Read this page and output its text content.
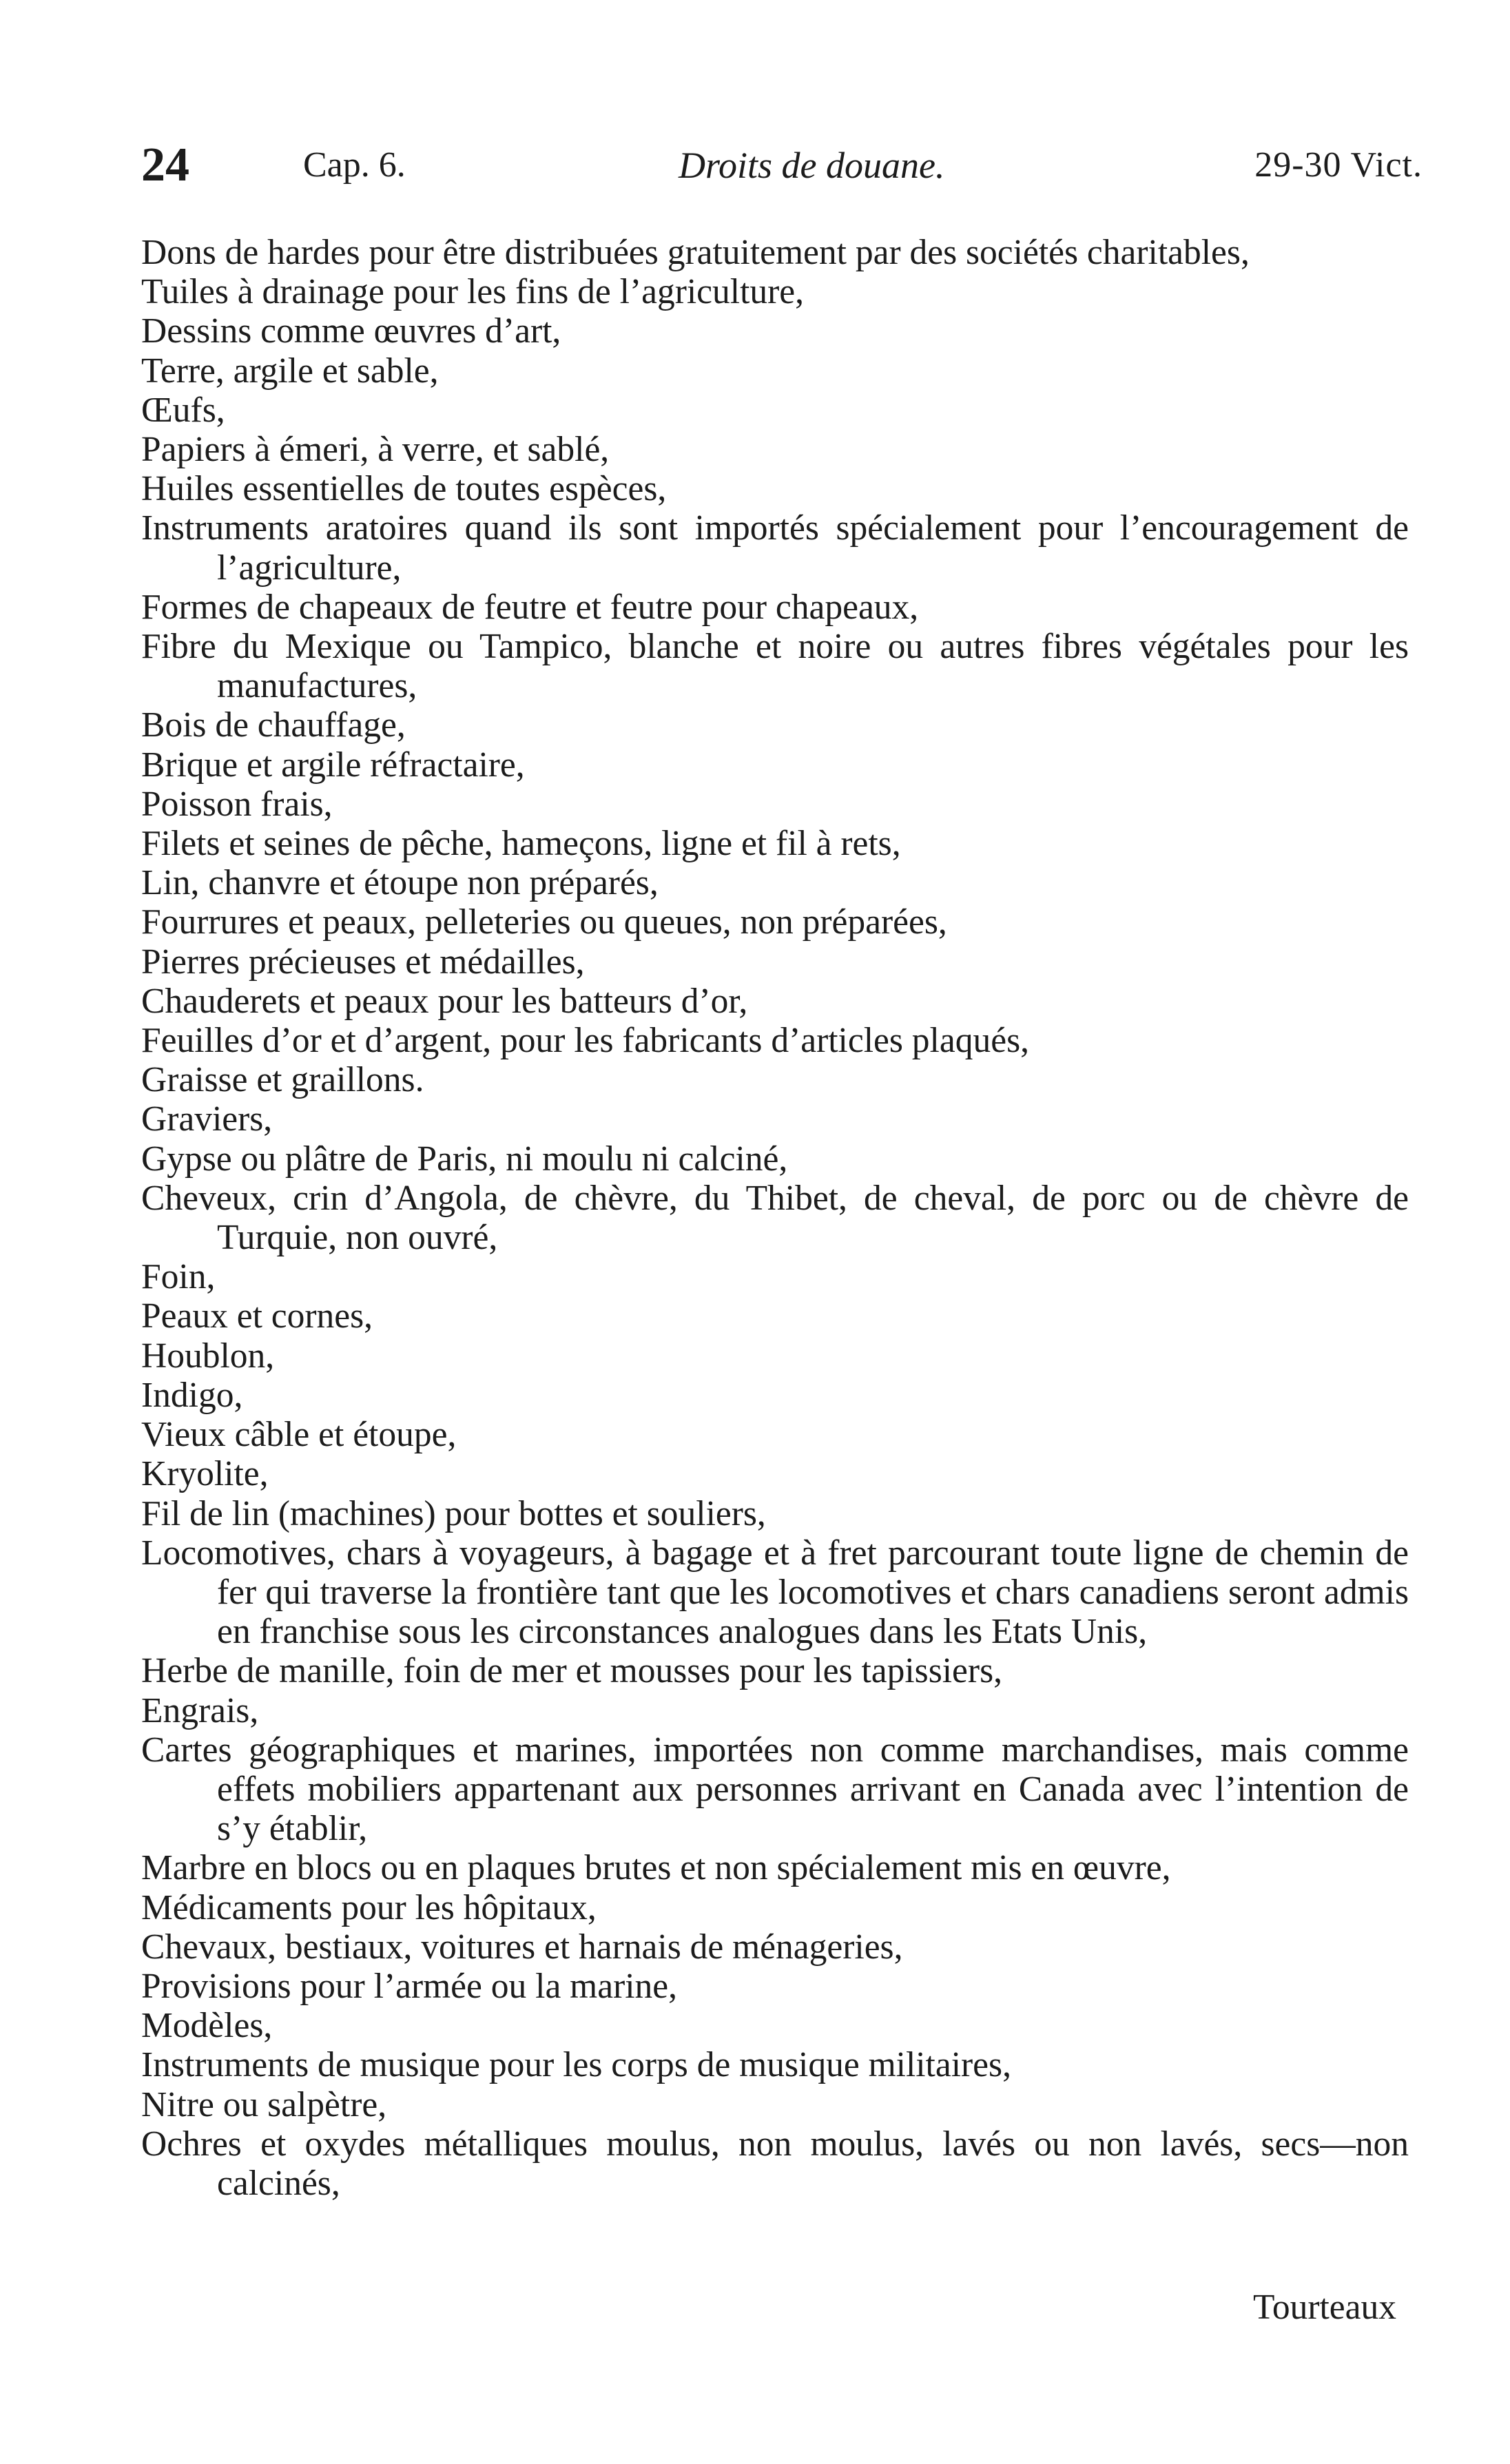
24	Cap. 6.	Droits de douane.	29-30 Vict.
Dons de hardes pour être distribuées gratuitement par des sociétés charitables,
Tuiles à drainage pour les fins de l’agriculture,
Dessins comme œuvres d’art,
Terre, argile et sable,
Œufs,
Papiers à émeri, à verre, et sablé,
Huiles essentielles de toutes espèces,
Instruments aratoires quand ils sont importés spécialement pour l’encouragement de l’agriculture,
Formes de chapeaux de feutre et feutre pour chapeaux,
Fibre du Mexique ou Tampico, blanche et noire ou autres fibres végétales pour les manufactures,
Bois de chauffage,
Brique et argile réfractaire,
Poisson frais,
Filets et seines de pêche, hameçons, ligne et fil à rets,
Lin, chanvre et étoupe non préparés,
Fourrures et peaux, pelleteries ou queues, non préparées,
Pierres précieuses et médailles,
Chauderets et peaux pour les batteurs d’or,
Feuilles d’or et d’argent, pour les fabricants d’articles plaqués,
Graisse et graillons.
Graviers,
Gypse ou plâtre de Paris, ni moulu ni calciné,
Cheveux, crin d’Angola, de chèvre, du Thibet, de cheval, de porc ou de chèvre de Turquie, non ouvré,
Foin,
Peaux et cornes,
Houblon,
Indigo,
Vieux câble et étoupe,
Kryolite,
Fil de lin (machines) pour bottes et souliers,
Locomotives, chars à voyageurs, à bagage et à fret parcourant toute ligne de chemin de fer qui traverse la frontière tant que les locomotives et chars canadiens seront admis en franchise sous les circonstances analogues dans les Etats Unis,
Herbe de manille, foin de mer et mousses pour les tapissiers,
Engrais,
Cartes géographiques et marines, importées non comme marchandises, mais comme effets mobiliers appartenant aux personnes arrivant en Canada avec l’intention de s’y établir,
Marbre en blocs ou en plaques brutes et non spécialement mis en œuvre,
Médicaments pour les hôpitaux,
Chevaux, bestiaux, voitures et harnais de ménageries,
Provisions pour l’armée ou la marine,
Modèles,
Instruments de musique pour les corps de musique militaires,
Nitre ou salpètre,
Ochres et oxydes métalliques moulus, non moulus, lavés ou non lavés, secs—non calcinés,
Tourteaux
